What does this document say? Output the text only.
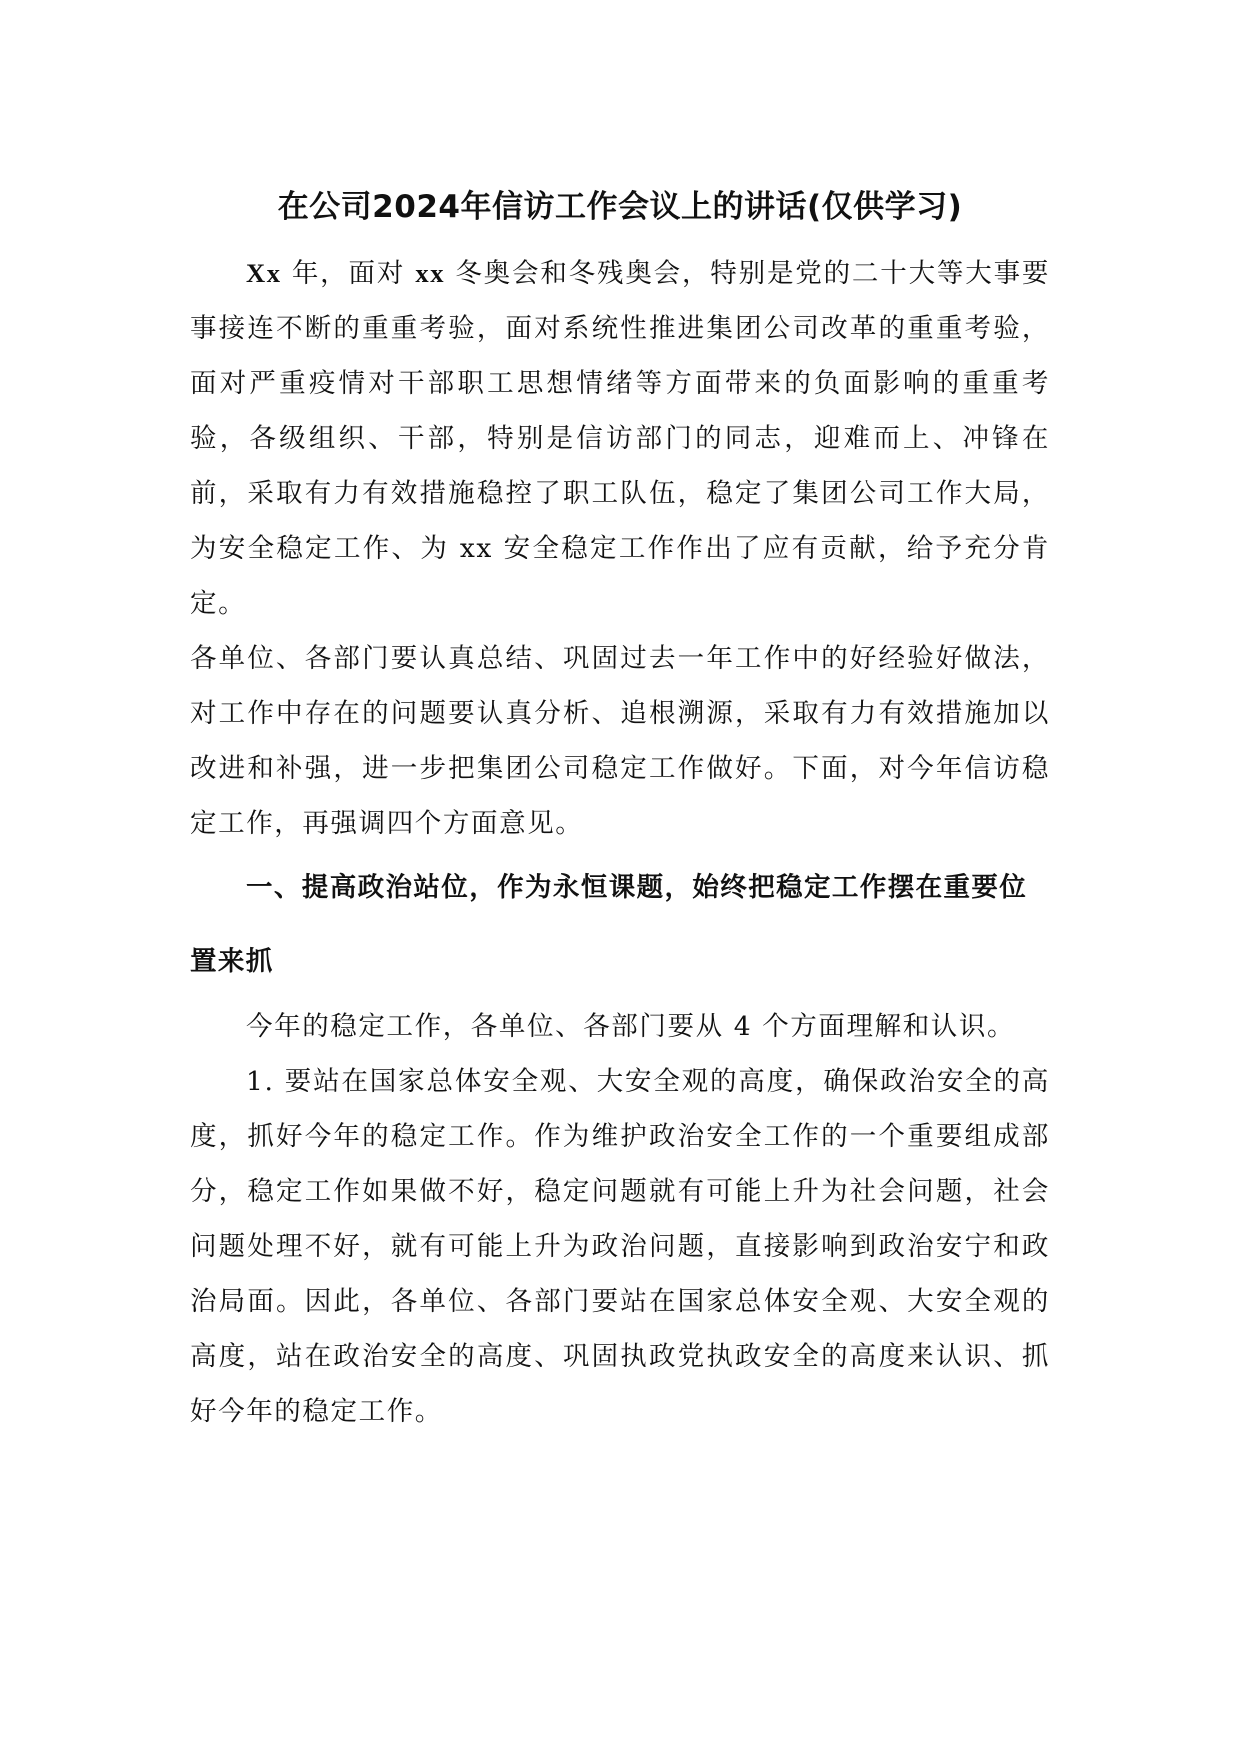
在公司2024年信访工作会议上的讲话(仅供学习)

Xx 年，面对 xx 冬奥会和冬残奥会，特别是党的二十大等大事要事接连不断的重重考验，面对系统性推进集团公司改革的重重考验，面对严重疫情对干部职工思想情绪等方面带来的负面影响的重重考验，各级组织、干部，特别是信访部门的同志，迎难而上、冲锋在前，采取有力有效措施稳控了职工队伍，稳定了集团公司工作大局，为安全稳定工作、为 xx 安全稳定工作作出了应有贡献，给予充分肯定。

各单位、各部门要认真总结、巩固过去一年工作中的好经验好做法，对工作中存在的问题要认真分析、追根溯源，采取有力有效措施加以改进和补强，进一步把集团公司稳定工作做好。下面，对今年信访稳定工作，再强调四个方面意见。

一、提高政治站位，作为永恒课题，始终把稳定工作摆在重要位置来抓

今年的稳定工作，各单位、各部门要从 4 个方面理解和认识。

1. 要站在国家总体安全观、大安全观的高度，确保政治安全的高度，抓好今年的稳定工作。作为维护政治安全工作的一个重要组成部分，稳定工作如果做不好，稳定问题就有可能上升为社会问题，社会问题处理不好，就有可能上升为政治问题，直接影响到政治安宁和政治局面。因此，各单位、各部门要站在国家总体安全观、大安全观的高度，站在政治安全的高度、巩固执政党执政安全的高度来认识、抓好今年的稳定工作。
